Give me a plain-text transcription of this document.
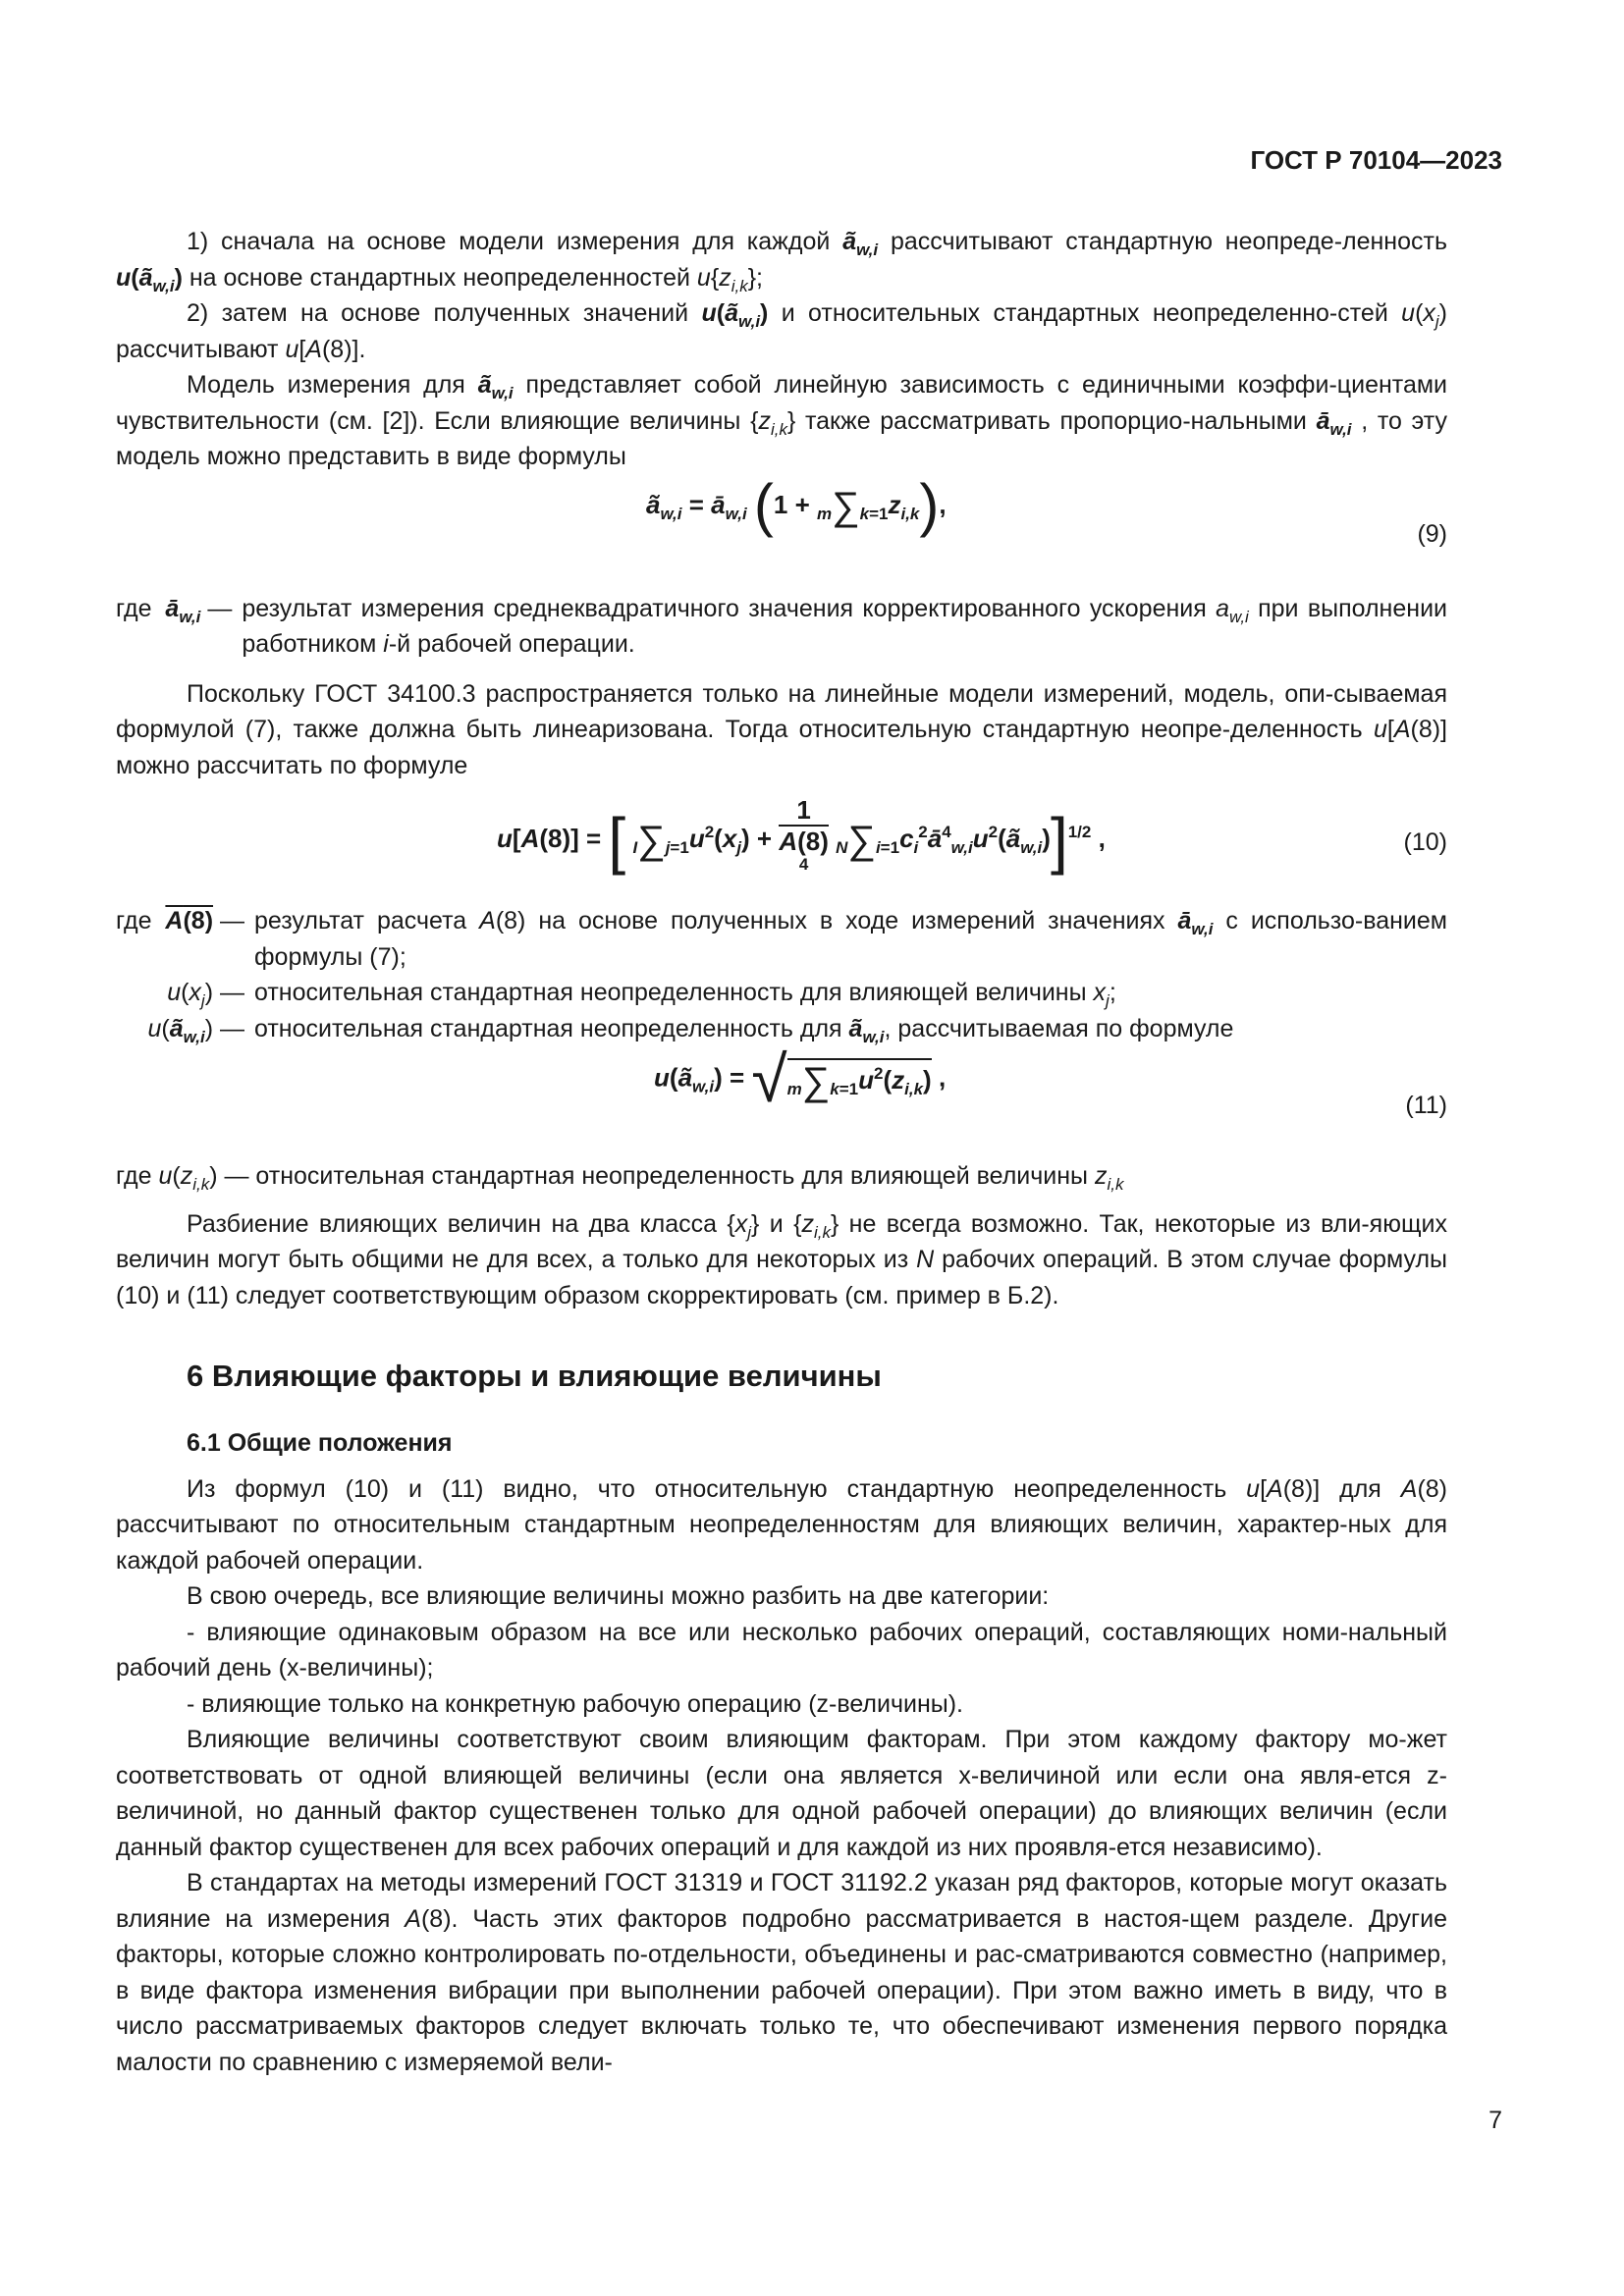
ГОСТ Р 70104—2023

1) сначала на основе модели измерения для каждой $ã_{w,i}$ рассчитывают стандартную неопреде-ленность $u(ã_{w,i})$ на основе стандартных неопределенностей $u\{z_{i,k}\}$;

2) затем на основе полученных значений $u(ã_{w,i})$ и относительных стандартных неопределенно-стей $u(x_j)$ рассчитывают u[A(8)].

Модель измерения для $ã_{w,i}$ представляет собой линейную зависимость с единичными коэффи-циентами чувствительности (см. [2]). Если влияющие величины $\{z_{i,k}\}$ также рассматривать пропорцио-нальными $ā_{w,i}$ , то эту модель можно представить в виде формулы

$ã_{w,i}$ = $ā_{w,i}$ $(1 + m\sum k=1z_{i,k})$,
(9)
где $ā_{w,i}$ — результат измерения среднеквадратичного значения корректированного ускорения $a_{w,i}$ при выполнении работником i-й рабочей операции.

Поскольку ГОСТ 34100.3 распространяется только на линейные модели измерений, модель, опи-сываемая формулой (7), также должна быть линеаризована. Тогда относительную стандартную неопре-деленность u[A(8)] можно рассчитать по формуле

u[A(8)] = [ $I\sum j=1u^2(x_j) + 1$
A(8)
$^4$ $N\sum i=1c_i^2ā^4_{w,i}u^2(ã_{w,i})]^{1/2}$ ,	(10)
где A(8) — результат расчета A(8) на основе полученных в ходе измерений значениях $ā_{w,i}$ с использо-ванием формулы (7);
$u(x_j)$ — относительная стандартная неопределенность для влияющей величины $x_j$;
$u(ã_{w,i})$ — относительная стандартная неопределенность для $ã_{w,i}$, рассчитываемая по формуле
$u(ã_{w,i}) = √m\sum k=1u^2(z_{i,k})$ ,
(11)

где $u(z_{i,k})$ — относительная стандартная неопределенность для влияющей величины $z_{i,k}$

Разбиение влияющих величин на два класса $\{x_j\}$ и $\{z_{i,k}\}$ не всегда возможно. Так, некоторые из вли-яющих величин могут быть общими не для всех, а только для некоторых из N рабочих операций. В этом случае формулы (10) и (11) следует соответствующим образом скорректировать (см. пример в Б.2).

6 Влияющие факторы и влияющие величины
6.1 Общие положения

Из формул (10) и (11) видно, что относительную стандартную неопределенность u[A(8)] для A(8) рассчитывают по относительным стандартным неопределенностям для влияющих величин, характер-ных для каждой рабочей операции.

В свою очередь, все влияющие величины можно разбить на две категории:

- влияющие одинаковым образом на все или несколько рабочих операций, составляющих номи-нальный рабочий день (x-величины);

- влияющие только на конкретную рабочую операцию (z-величины).

Влияющие величины соответствуют своим влияющим факторам. При этом каждому фактору мо-жет соответствовать от одной влияющей величины (если она является x-величиной или если она явля-ется z-величиной, но данный фактор существенен только для одной рабочей операции) до влияющих величин (если данный фактор существенен для всех рабочих операций и для каждой из них проявля-ется независимо).

В стандартах на методы измерений ГОСТ 31319 и ГОСТ 31192.2 указан ряд факторов, которые могут оказать влияние на измерения A(8). Часть этих факторов подробно рассматривается в настоя-щем разделе. Другие факторы, которые сложно контролировать по-отдельности, объединены и рас-сматриваются совместно (например, в виде фактора изменения вибрации при выполнении рабочей операции). При этом важно иметь в виду, что в число рассматриваемых факторов следует включать только те, что обеспечивают изменения первого порядка малости по сравнению с измеряемой вели-

7
